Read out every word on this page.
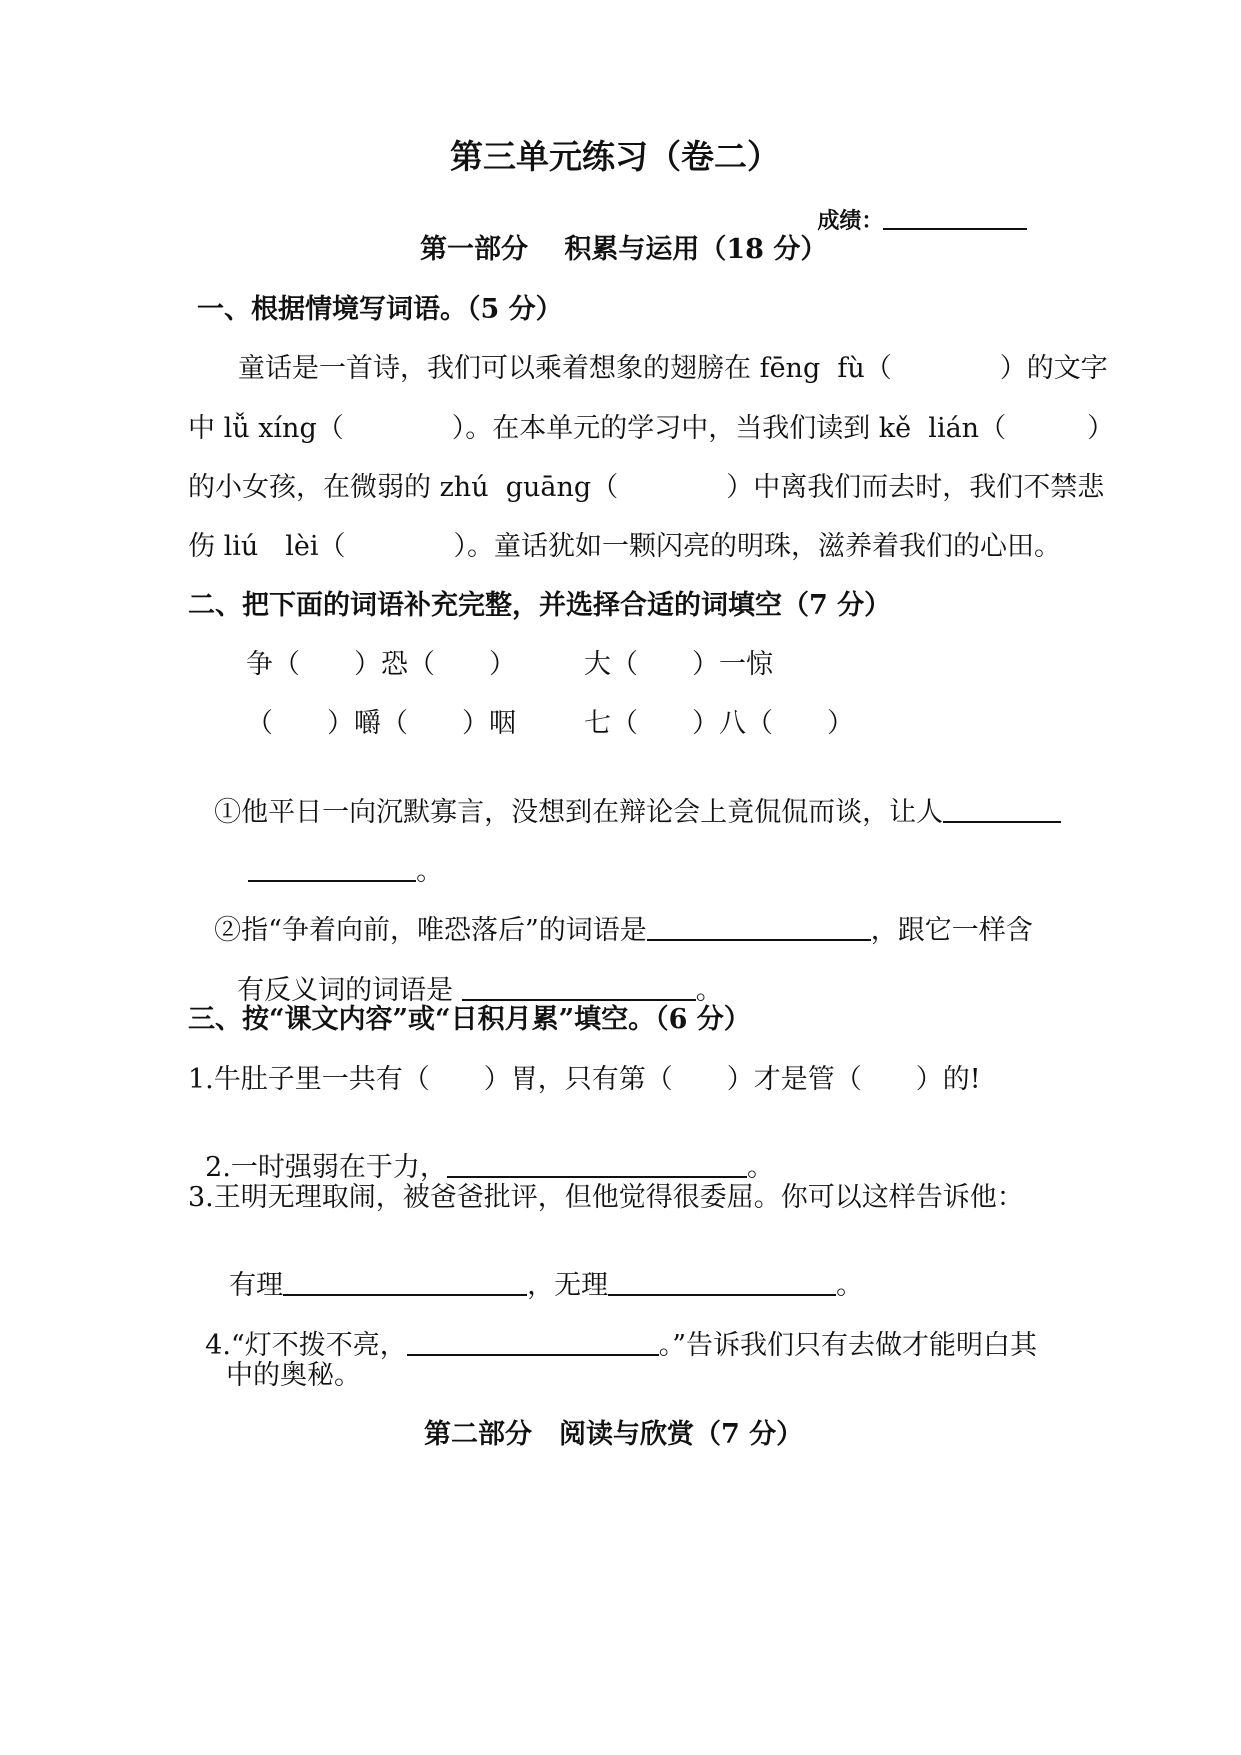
第三单元练习（卷二）

成绩：

第一部分　 积累与运用（18 分）
一、根据情境写词语。（5 分）
童话是一首诗，我们可以乘着想象的翅膀在 fēng  fù（　　　　）的文字
中 lǚ xíng（　　　　）。在本单元的学习中，当我们读到 kě  lián（　　　）
的小女孩，在微弱的 zhú  guāng（　　　　）中离我们而去时，我们不禁悲
伤 liú　lèi（　　　　）。童话犹如一颗闪亮的明珠，滋养着我们的心田。
二、把下面的词语补充完整，并选择合适的词填空（7 分）
争（　　）恐（　　）	大（　　）一惊
（　　）嚼（　　）咽	七（　　）八（　　）

①他平日一向沉默寡言，没想到在辩论会上竟侃侃而谈，让人

。

②指“争着向前，唯恐落后”的词语是	，跟它一样含

有反义词的词语是	。

三、按“课文内容”或“日积月累”填空。（6 分）
1.牛肚子里一共有（　　）胃，只有第（　　）才是管（　　）的!

2.一时强弱在于力，	。

3.王明无理取闹，被爸爸批评，但他觉得很委屈。你可以这样告诉他：

有理	，无理	。

4.“灯不拨不亮，	。”告诉我们只有去做才能明白其

中的奥秘。
第二部分　阅读与欣赏（7 分）
